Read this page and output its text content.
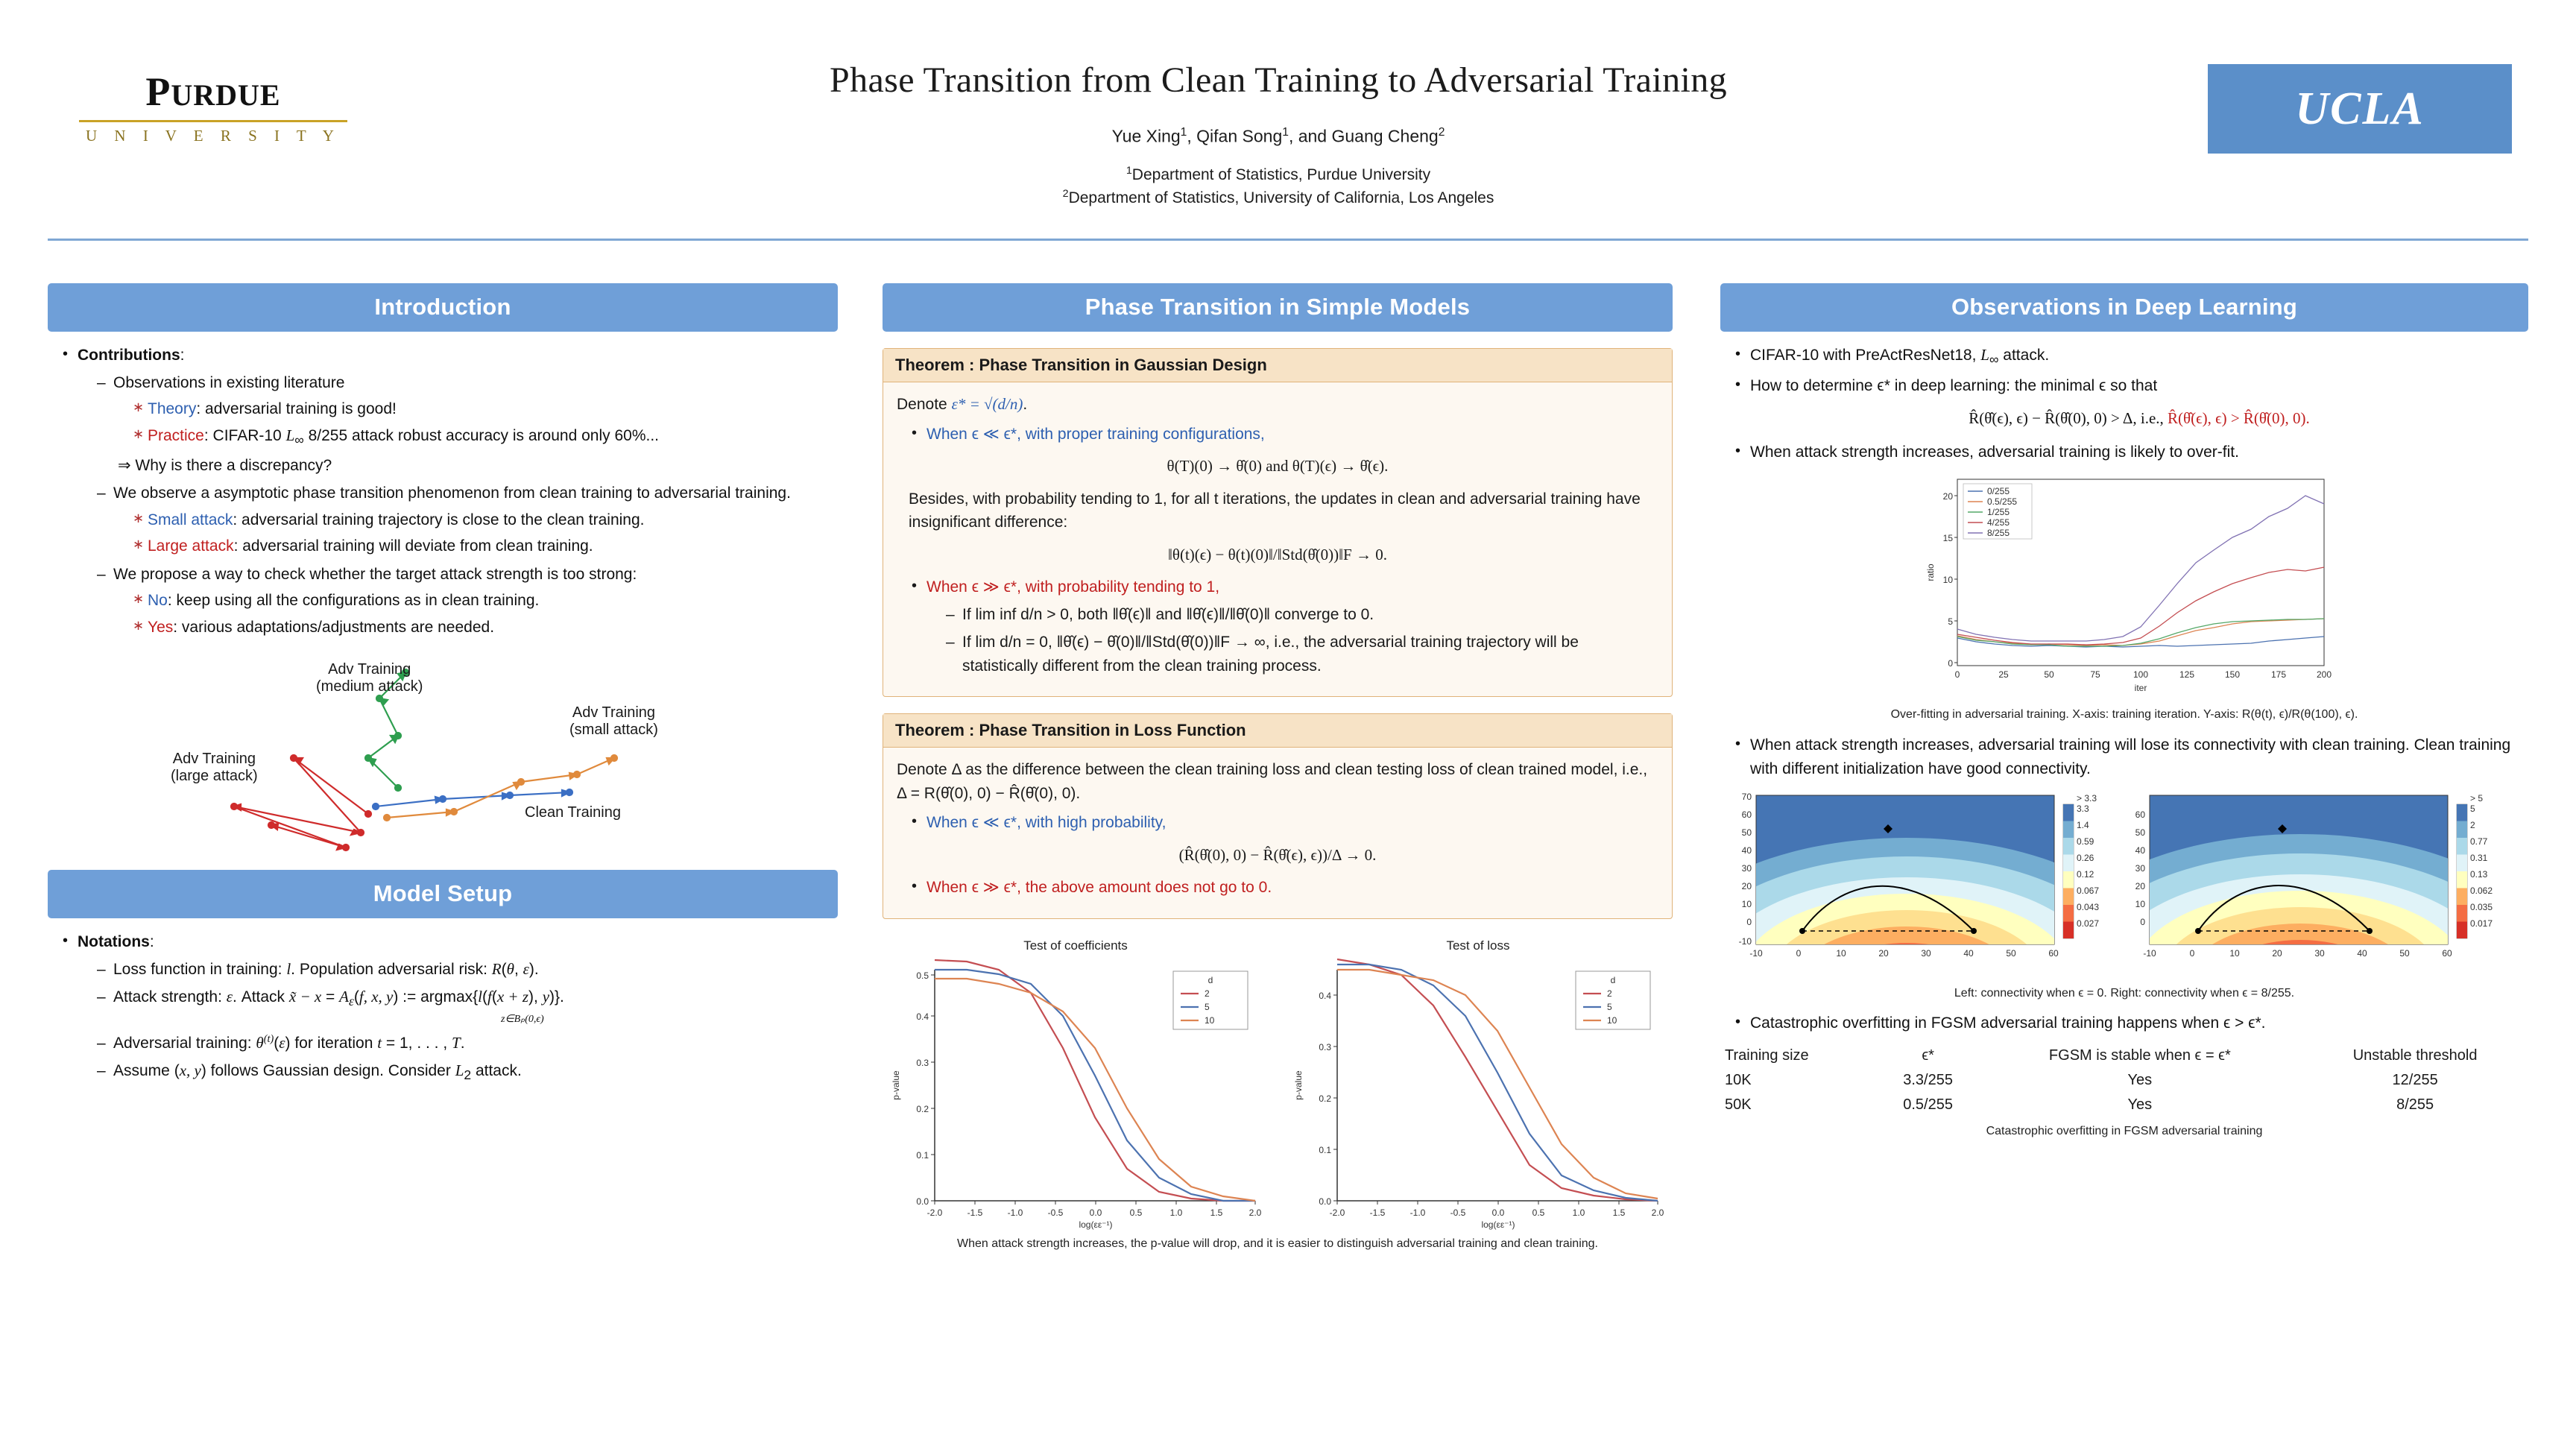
PURDUE
U N I V E R S I T Y
Phase Transition from Clean Training to Adversarial Training
Yue Xing$^1$, Qifan Song$^1$, and Guang Cheng$^2$
$^1$Department of Statistics, Purdue University
$^2$Department of Statistics, University of California, Los Angeles
UCLA
Introduction
• Contributions:
– Observations in existing literature
∗ Theory: adversarial training is good!
∗ Practice: CIFAR-10 $L_\infty$ 8/255 attack robust accuracy is around only 60%...
⇒ Why is there a discrepancy?
– We observe a asymptotic phase transition phenomenon from clean training to adversarial training.
∗ Small attack: adversarial training trajectory is close to the clean training.
∗ Large attack: adversarial training will deviate from clean training.
– We propose a way to check whether the target attack strength is too strong:
∗ No: keep using all the configurations as in clean training.
∗ Yes: various adaptations/adjustments are needed.
Adv Training
(medium attack)
Adv Training
(small attack)
Adv Training
(large attack)
Clean Training
Model Setup
• Notations:
– Loss function in training: l. Population adversarial risk: R(θ, ε).
– Attack strength: ε. Attack x̃ − $x = A_\varepsilon(f$, x, y) := argmax{l(f(x + z), y)}.
z∈Bₚ(0,ϵ)
– Adversarial training: $\theta^{(t)}(\varepsilon)$ for iteration t = 1, . . . , T.
– Assume (x, y) follows Gaussian design. Consider $L_2$ attack.
Phase Transition in Simple Models
Theorem : Phase Transition in Gaussian Design
Denote ε* = √(d/n).
• When ϵ ≪ ϵ*, with proper training configurations,
θ(T)(0) → θ̂(0) and θ(T)(ϵ) → θ̂(ϵ).
Besides, with probability tending to 1, for all t iterations, the updates in clean and adversarial training have insignificant difference:
‖θ(t)(ϵ) − θ(t)(0)‖/‖Std(θ̂(0))‖F → 0.
• When ϵ ≫ ϵ*, with probability tending to 1,
– If lim inf d/n > 0, both ‖θ̂(ϵ)‖ and ‖θ̂(ϵ)‖/‖θ̂(0)‖ converge to 0.
– If lim d/n = 0, ‖θ̂(ϵ) − θ̂(0)‖/‖Std(θ̂(0))‖F → ∞, i.e., the adversarial training trajectory will be statistically different from the clean training process.
Theorem : Phase Transition in Loss Function
Denote Δ as the difference between the clean training loss and clean testing loss of clean trained model, i.e., Δ = R(θ̂(0), 0) − R̂(θ̂(0), 0).
• When ϵ ≪ ϵ*, with high probability,
(R̂(θ̂(0), 0) − R̂(θ̂(ϵ), ϵ))/Δ → 0.
• When ϵ ≫ ϵ*, the above amount does not go to 0.
Test of coefficients
0.0
0.1
0.2
0.3
0.4
0.5
-2.0	-1.5	-1.0	-0.5	0.0	0.5	1.0	1.5	2.0
log(εε⁻¹)
p-value
d
2
5
10
Test of loss
0.0
0.1
0.2
0.3
0.4
-2.0	-1.5	-1.0	-0.5	0.0	0.5	1.0	1.5	2.0
log(εε⁻¹)
p-value
d
2
5
10
When attack strength increases, the p-value will drop, and it is easier to distinguish adversarial training and clean training.
Observations in Deep Learning
• CIFAR-10 with PreActResNet18, $L_\infty$ attack.
• How to determine ϵ* in deep learning: the minimal ϵ so that
R̂(θ̂(ϵ), ϵ) − R̂(θ̂(0), 0) > Δ, i.e., R̂(θ̂(ϵ), ϵ) > R̂(θ̂(0), 0).
• When attack strength increases, adversarial training is likely to over-fit.
20
15
10
5
0
0	25	50	75	100	125	150	175	200
iter
ratio
0/255
0.5/255
1/255
4/255
8/255
Over-fitting in adversarial training. X-axis: training iteration. Y-axis: R(θ(t), ϵ)/R(θ(100), ϵ).
• When attack strength increases, adversarial training will lose its connectivity with clean training. Clean training with different initialization have good connectivity.
70
60
50
40
30
20
10
0
-10
-10	0	10	20	30	40	50	60
> 3.3
3.3
1.4
0.59
0.26
0.12
0.067
0.043
0.027
60
50
40
30
20
10
0
-10	0	10	20	30	40	50	60
> 5
5
2
0.77
0.31
0.13
0.062
0.035
0.017
Left: connectivity when ϵ = 0. Right: connectivity when ϵ = 8/255.
• Catastrophic overfitting in FGSM adversarial training happens when ϵ > ϵ*.
Training size	ϵ*	FGSM is stable when ϵ = ϵ*	Unstable threshold
10K	3.3/255	Yes	12/255
50K	0.5/255	Yes	8/255
Catastrophic overfitting in FGSM adversarial training
